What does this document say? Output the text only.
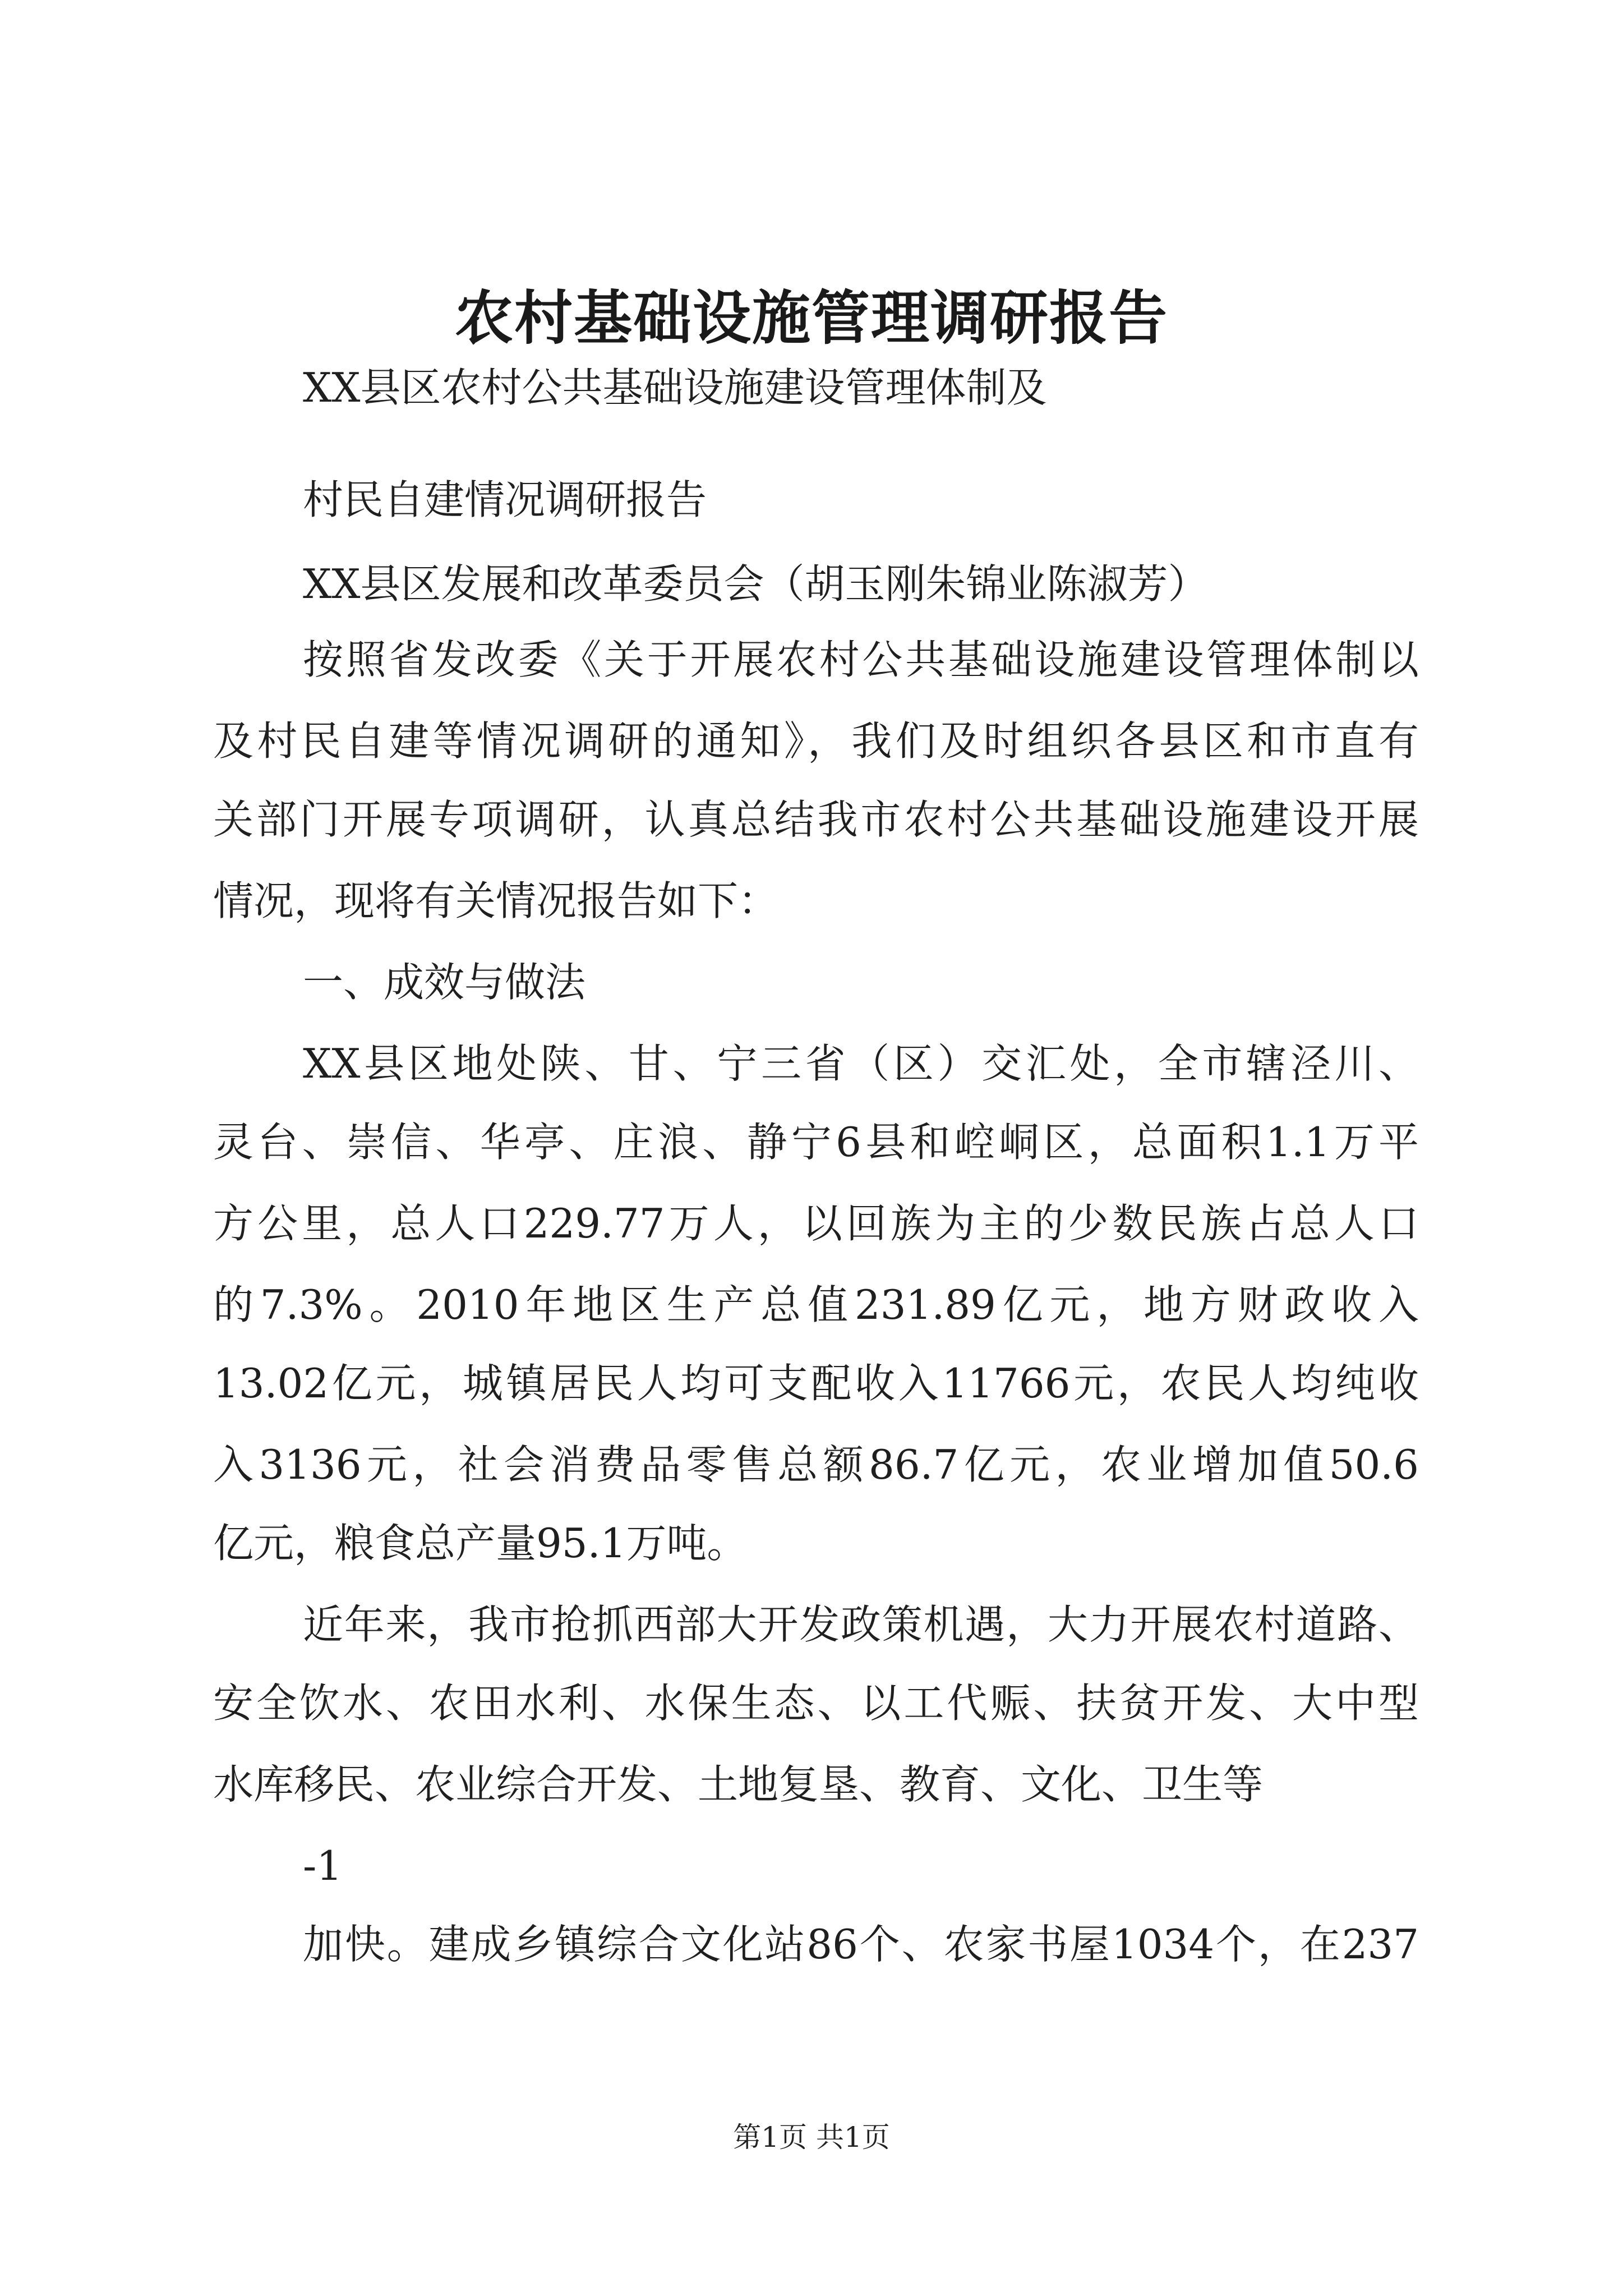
农村基础设施管理调研报告
XX县区农村公共基础设施建设管理体制及
村民自建情况调研报告
XX县区发展和改革委员会（胡玉刚朱锦业陈淑芳）
按照省发改委《关于开展农村公共基础设施建设管理体制以
及村民自建等情况调研的通知》，我们及时组织各县区和市直有
关部门开展专项调研，认真总结我市农村公共基础设施建设开展
情况，现将有关情况报告如下：
一、成效与做法
XX县区地处陕、甘、宁三省（区）交汇处，全市辖泾川、
灵台、崇信、华亭、庄浪、静宁6县和崆峒区，总面积1.1万平
方公里，总人口229.77万人，以回族为主的少数民族占总人口
的7.3%。2010年地区生产总值231.89亿元，地方财政收入
13.02亿元，城镇居民人均可支配收入11766元，农民人均纯收
入3136元，社会消费品零售总额86.7亿元，农业增加值50.6
亿元，粮食总产量95.1万吨。
近年来，我市抢抓西部大开发政策机遇，大力开展农村道路、
安全饮水、农田水利、水保生态、以工代赈、扶贫开发、大中型
水库移民、农业综合开发、土地复垦、教育、文化、卫生等
-1
加快。建成乡镇综合文化站86个、农家书屋1034个，在237
第1页 共1页
